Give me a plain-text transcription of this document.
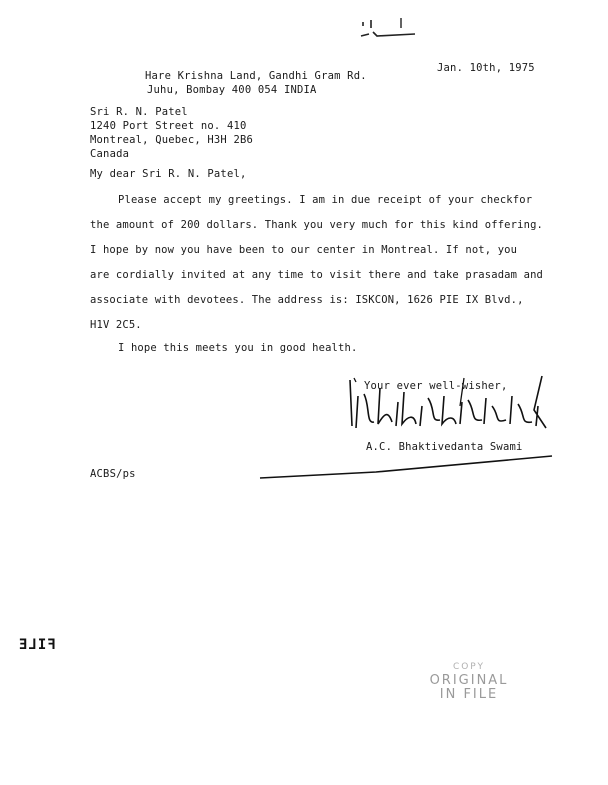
Jan. 10th, 1975
Hare Krishna Land, Gandhi Gram Rd.
Juhu, Bombay 400 054 INDIA
Sri R. N. Patel
1240 Port Street no. 410
Montreal, Quebec, H3H 2B6
Canada
My dear Sri R. N. Patel,
Please accept my greetings. I am in due receipt of your checkfor
the amount of 200 dollars. Thank you very much for this kind offering.
I hope by now you have been to our center in Montreal. If not, you
are cordially invited at any time to visit there and take prasadam and
associate with devotees. The address is: ISKCON, 1626 PIE IX Blvd.,
H1V 2C5.
I hope this meets you in good health.
Your ever well-wisher,
A.C. Bhaktivedanta Swami
ACBS/ps
FILE
COPY
ORIGINAL
IN FILE
